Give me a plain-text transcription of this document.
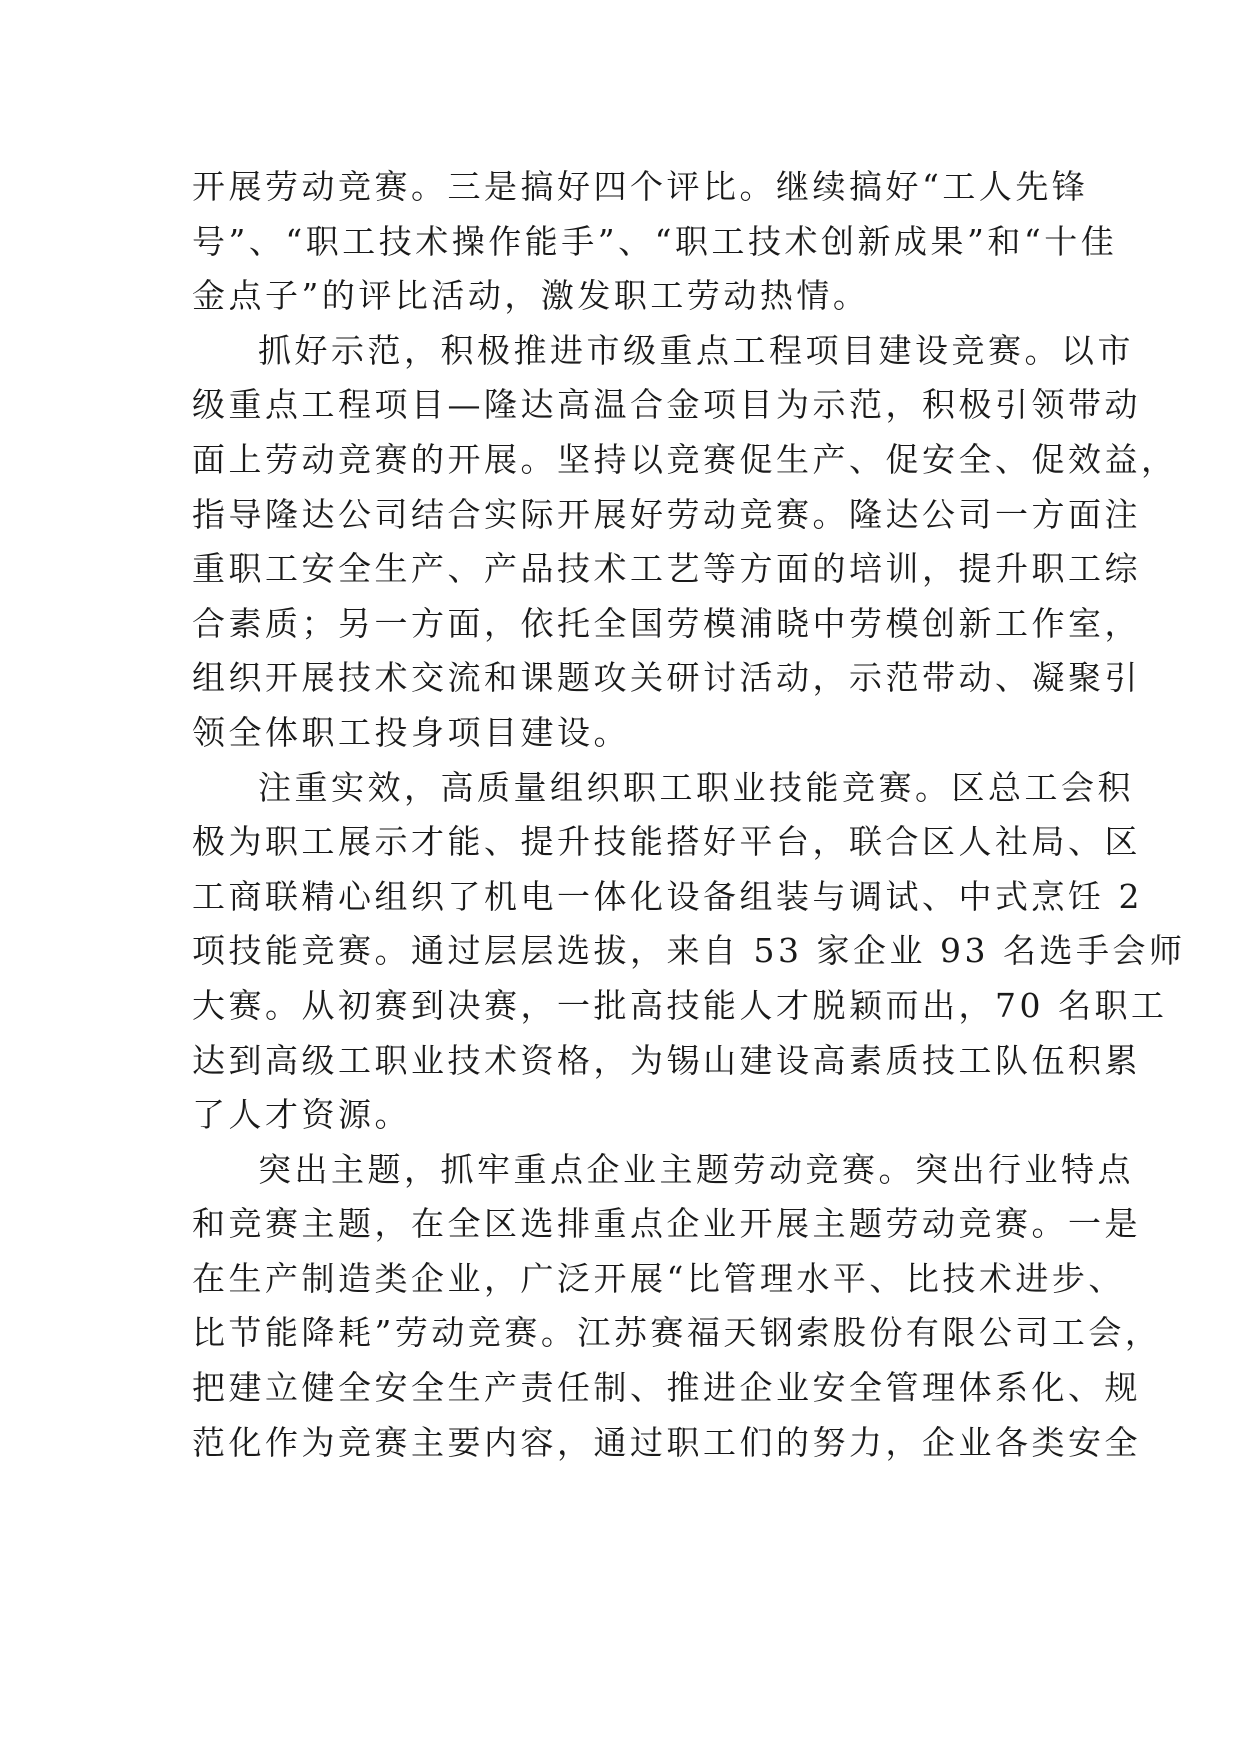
开展劳动竞赛。三是搞好四个评比。继续搞好“工人先锋
号”、“职工技术操作能手”、“职工技术创新成果”和“十佳
金点子”的评比活动，激发职工劳动热情。
抓好示范，积极推进市级重点工程项目建设竞赛。以市
级重点工程项目—隆达高温合金项目为示范，积极引领带动
面上劳动竞赛的开展。坚持以竞赛促生产、促安全、促效益，
指导隆达公司结合实际开展好劳动竞赛。隆达公司一方面注
重职工安全生产、产品技术工艺等方面的培训，提升职工综
合素质；另一方面，依托全国劳模浦晓中劳模创新工作室，
组织开展技术交流和课题攻关研讨活动，示范带动、凝聚引
领全体职工投身项目建设。
注重实效，高质量组织职工职业技能竞赛。区总工会积
极为职工展示才能、提升技能搭好平台，联合区人社局、区
工商联精心组织了机电一体化设备组装与调试、中式烹饪 2
项技能竞赛。通过层层选拔，来自 53 家企业 93 名选手会师
大赛。从初赛到决赛，一批高技能人才脱颖而出，70 名职工
达到高级工职业技术资格，为锡山建设高素质技工队伍积累
了人才资源。
突出主题，抓牢重点企业主题劳动竞赛。突出行业特点
和竞赛主题，在全区选排重点企业开展主题劳动竞赛。一是
在生产制造类企业，广泛开展“比管理水平、比技术进步、
比节能降耗”劳动竞赛。江苏赛福天钢索股份有限公司工会，
把建立健全安全生产责任制、推进企业安全管理体系化、规
范化作为竞赛主要内容，通过职工们的努力，企业各类安全
